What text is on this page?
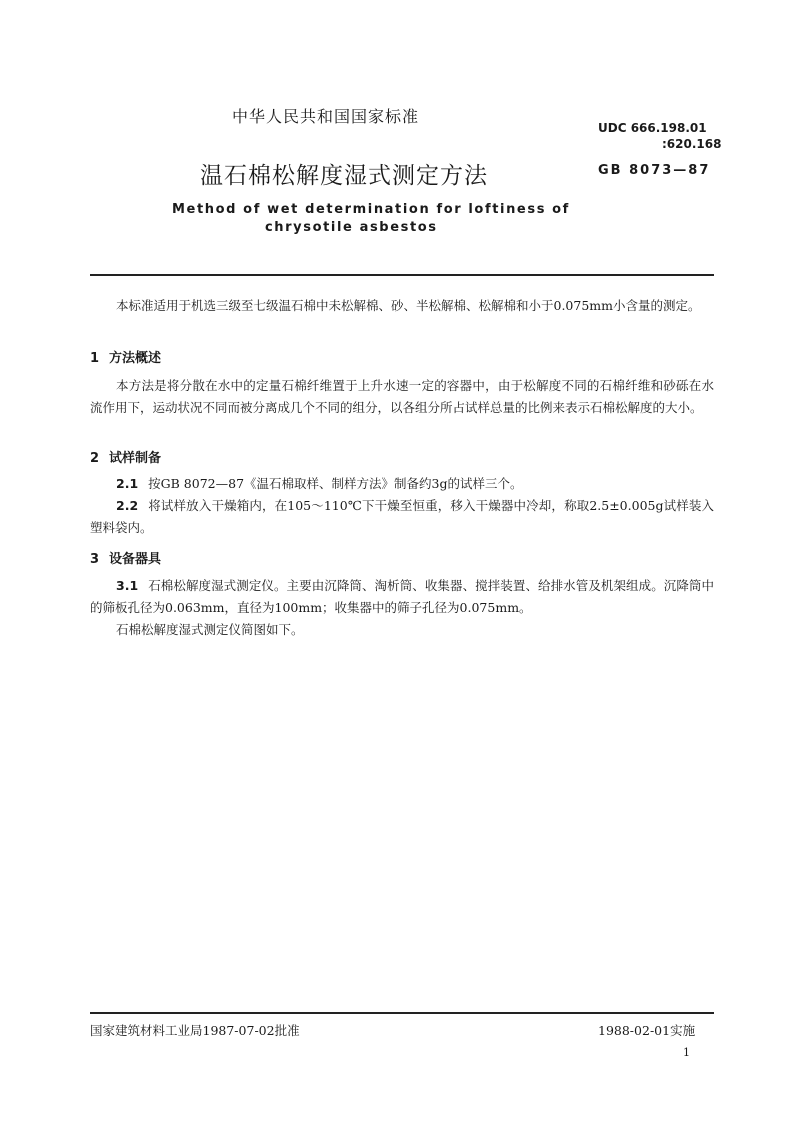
中华人民共和国国家标准
UDC 666.198.01
:620.168
GB 8073—87
温石棉松解度湿式测定方法
Method of wet determination for loftiness of
chrysotile asbestos
本标准适用于机选三级至七级温石棉中未松解棉、砂、半松解棉、松解棉和小于0.075mm小含量的测定。
1 方法概述
本方法是将分散在水中的定量石棉纤维置于上升水速一定的容器中，由于松解度不同的石棉纤维和砂砾在水流作用下，运动状况不同而被分离成几个不同的组分，以各组分所占试样总量的比例来表示石棉松解度的大小。
2 试样制备
2.1 按GB 8072—87《温石棉取样、制样方法》制备约3g的试样三个。
2.2 将试样放入干燥箱内，在105～110℃下干燥至恒重，移入干燥器中冷却，称取2.5±0.005g试样装入塑料袋内。
3 设备器具
3.1 石棉松解度湿式测定仪。主要由沉降筒、淘析筒、收集器、搅拌装置、给排水管及机架组成。沉降筒中的筛板孔径为0.063mm，直径为100mm；收集器中的筛子孔径为0.075mm。
石棉松解度湿式测定仪简图如下。
国家建筑材料工业局1987-07-02批准	1988-02-01实施
1
